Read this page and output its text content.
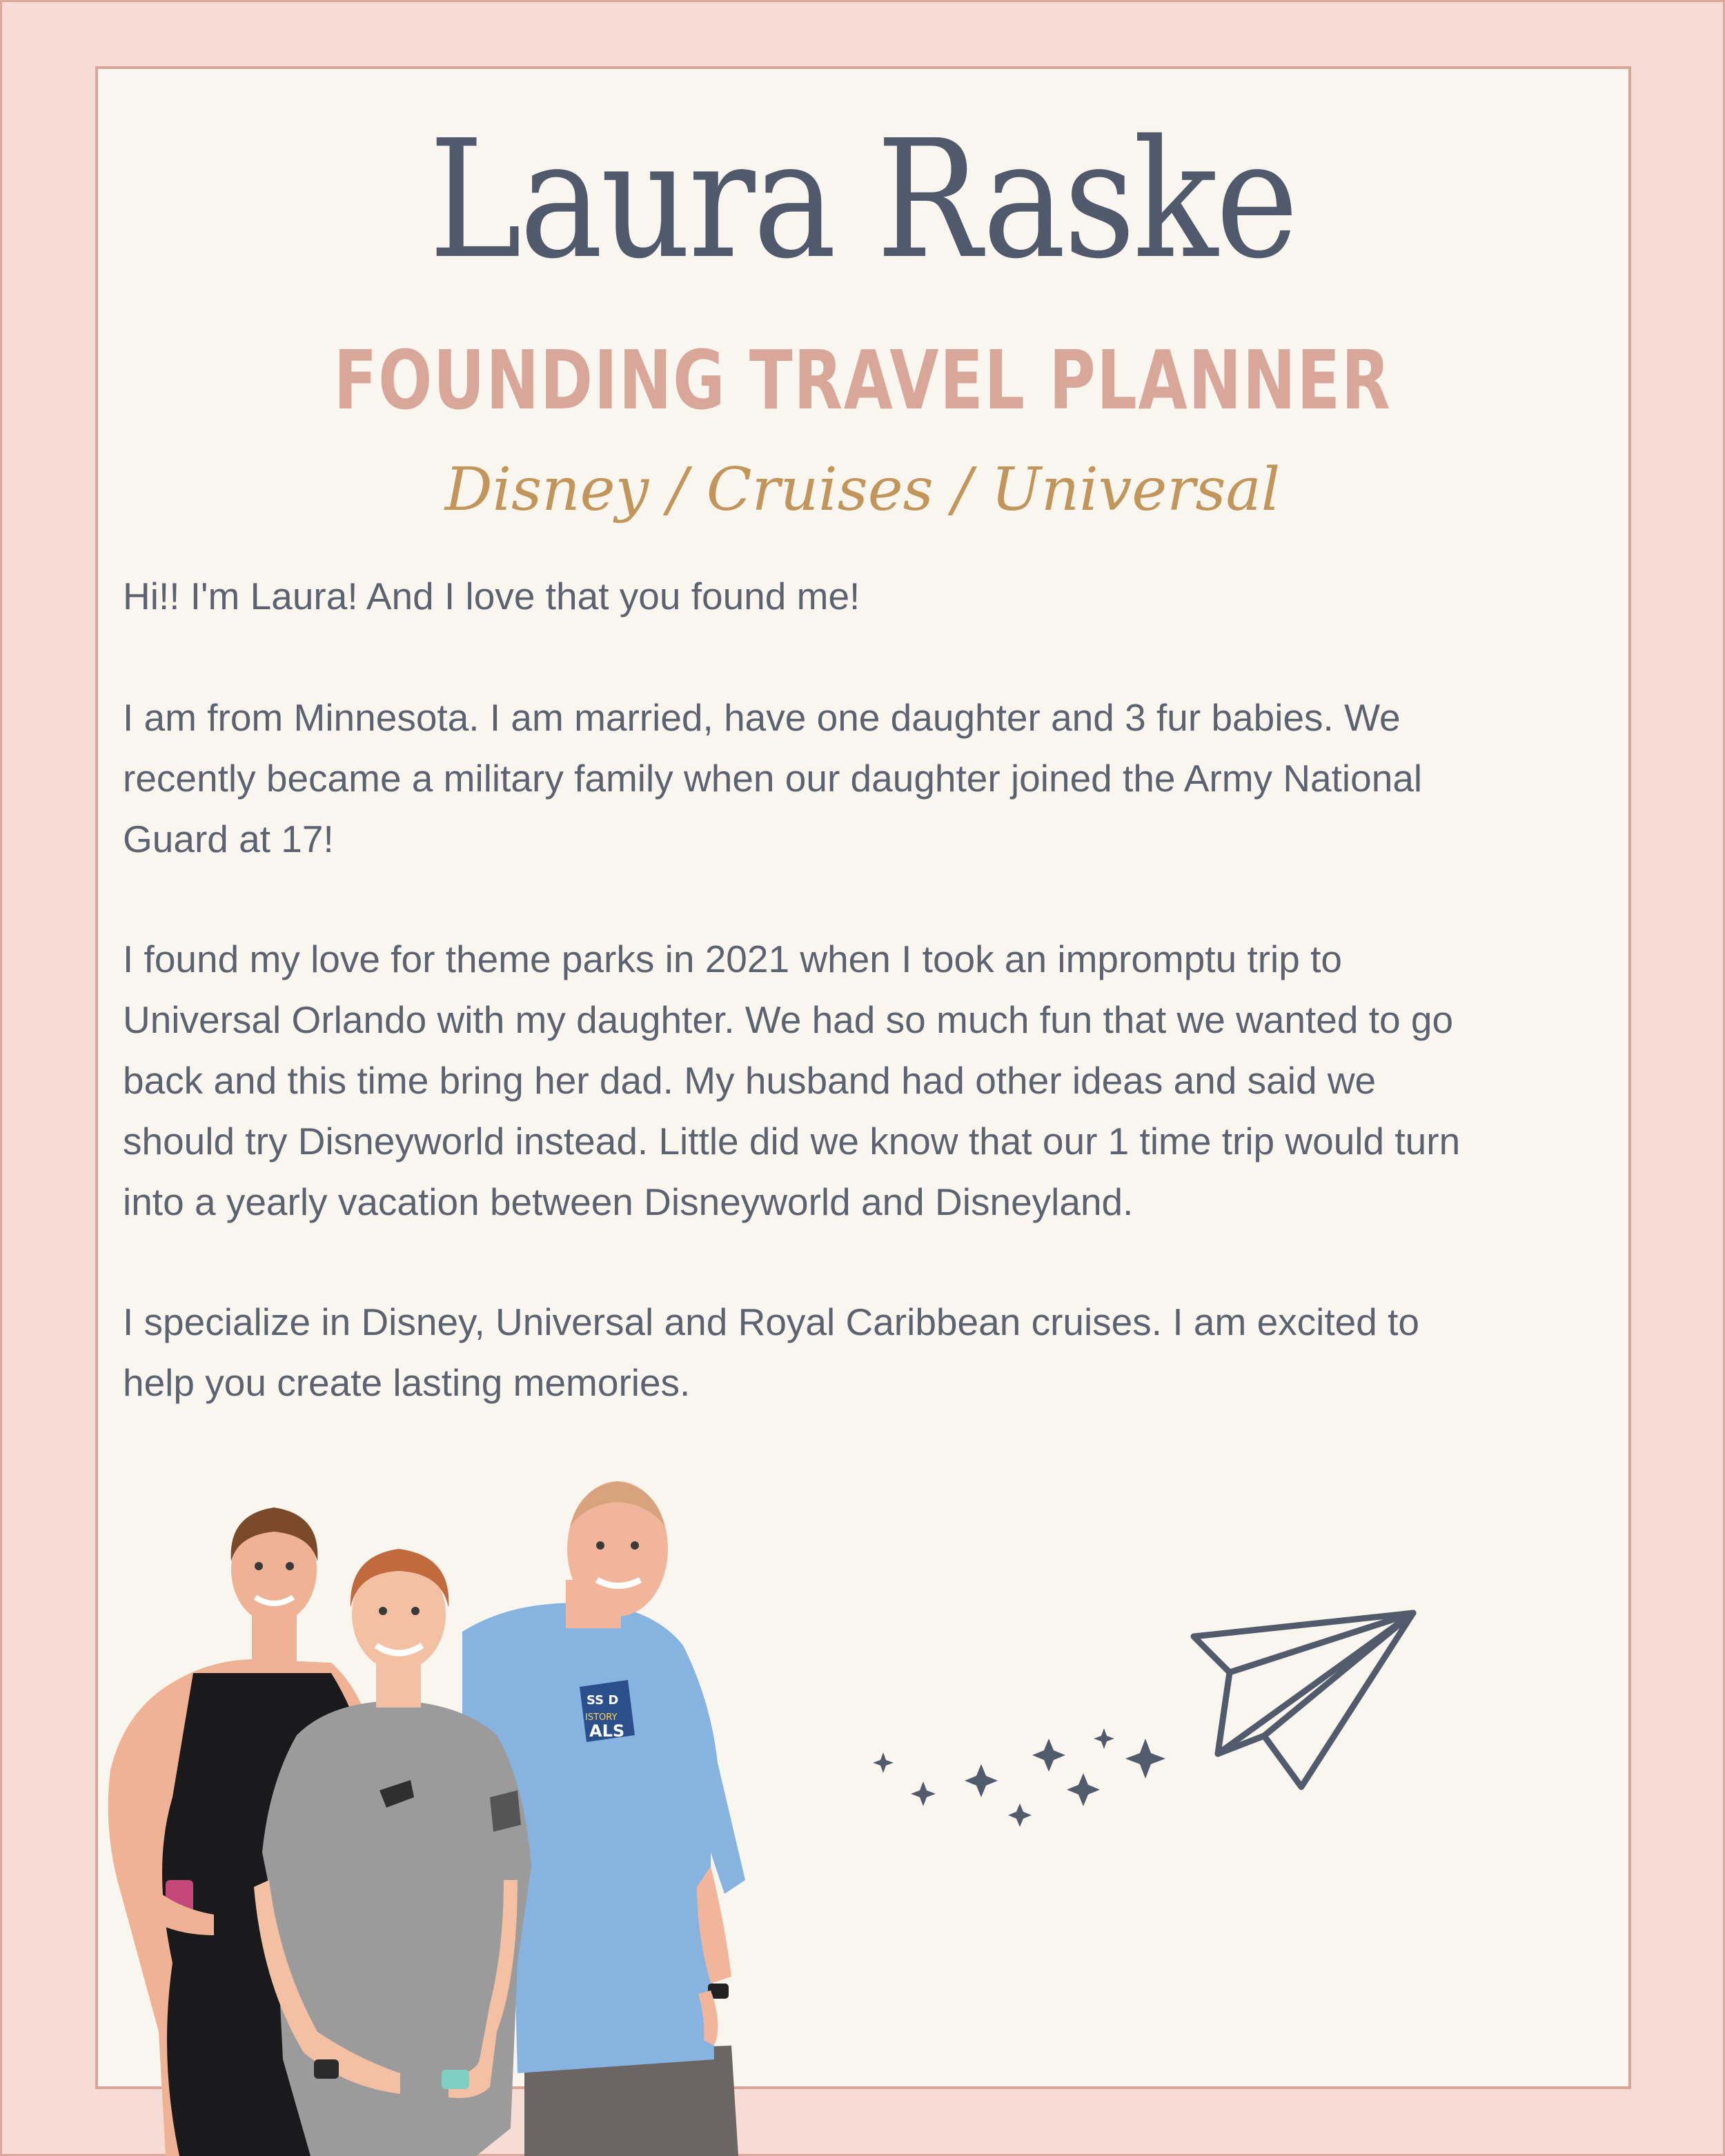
Laura Raske
FOUNDING TRAVEL PLANNER

Disney / Cruises / Universal

Hi!! I'm Laura! And I love that you found me!

I am from Minnesota. I am married, have one daughter and 3 fur babies. We
recently became a military family when our daughter joined the Army National
Guard at 17!

I found my love for theme parks in 2021 when I took an impromptu trip to
Universal Orlando with my daughter. We had so much fun that we wanted to go
back and this time bring her dad. My husband had other ideas and said we
should try Disneyworld instead. Little did we know that our 1 time trip would turn
into a yearly vacation between Disneyworld and Disneyland.

I specialize in Disney, Universal and Royal Caribbean cruises. I am excited to
help you create lasting memories.

SS D
ISTORY
ALS
